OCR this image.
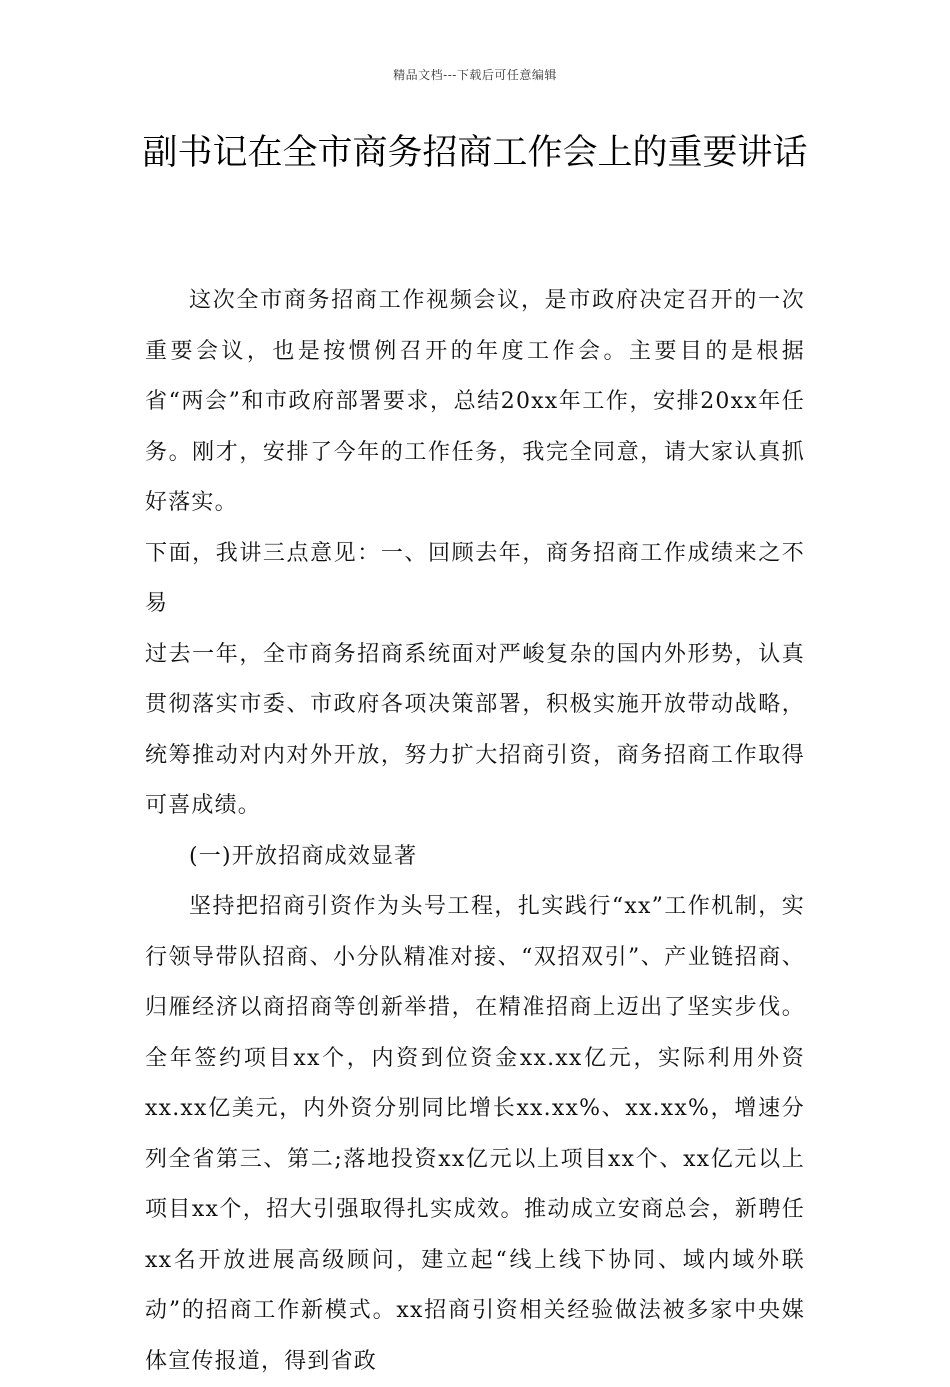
精品文档---下载后可任意编辑
副书记在全市商务招商工作会上的重要讲话

这次全市商务招商工作视频会议，是市政府决定召开的一次重要会议，也是按惯例召开的年度工作会。主要目的是根据省“两会”和市政府部署要求，总结20xx年工作，安排20xx年任务。刚才，安排了今年的工作任务，我完全同意，请大家认真抓好落实。

下面，我讲三点意见：一、回顾去年，商务招商工作成绩来之不易

过去一年，全市商务招商系统面对严峻复杂的国内外形势，认真贯彻落实市委、市政府各项决策部署，积极实施开放带动战略，统筹推动对内对外开放，努力扩大招商引资，商务招商工作取得可喜成绩。

(一)开放招商成效显著

坚持把招商引资作为头号工程，扎实践行“xx”工作机制，实行领导带队招商、小分队精准对接、“双招双引”、产业链招商、归雁经济以商招商等创新举措，在精准招商上迈出了坚实步伐。全年签约项目xx个，内资到位资金xx.xx亿元，实际利用外资xx.xx亿美元，内外资分别同比增长xx.xx%、xx.xx%，增速分列全省第三、第二;落地投资xx亿元以上项目xx个、xx亿元以上项目xx个，招大引强取得扎实成效。推动成立安商总会，新聘任xx名开放进展高级顾问，建立起“线上线下协同、域内域外联动”的招商工作新模式。xx招商引资相关经验做法被多家中央媒体宣传报道，得到省政
